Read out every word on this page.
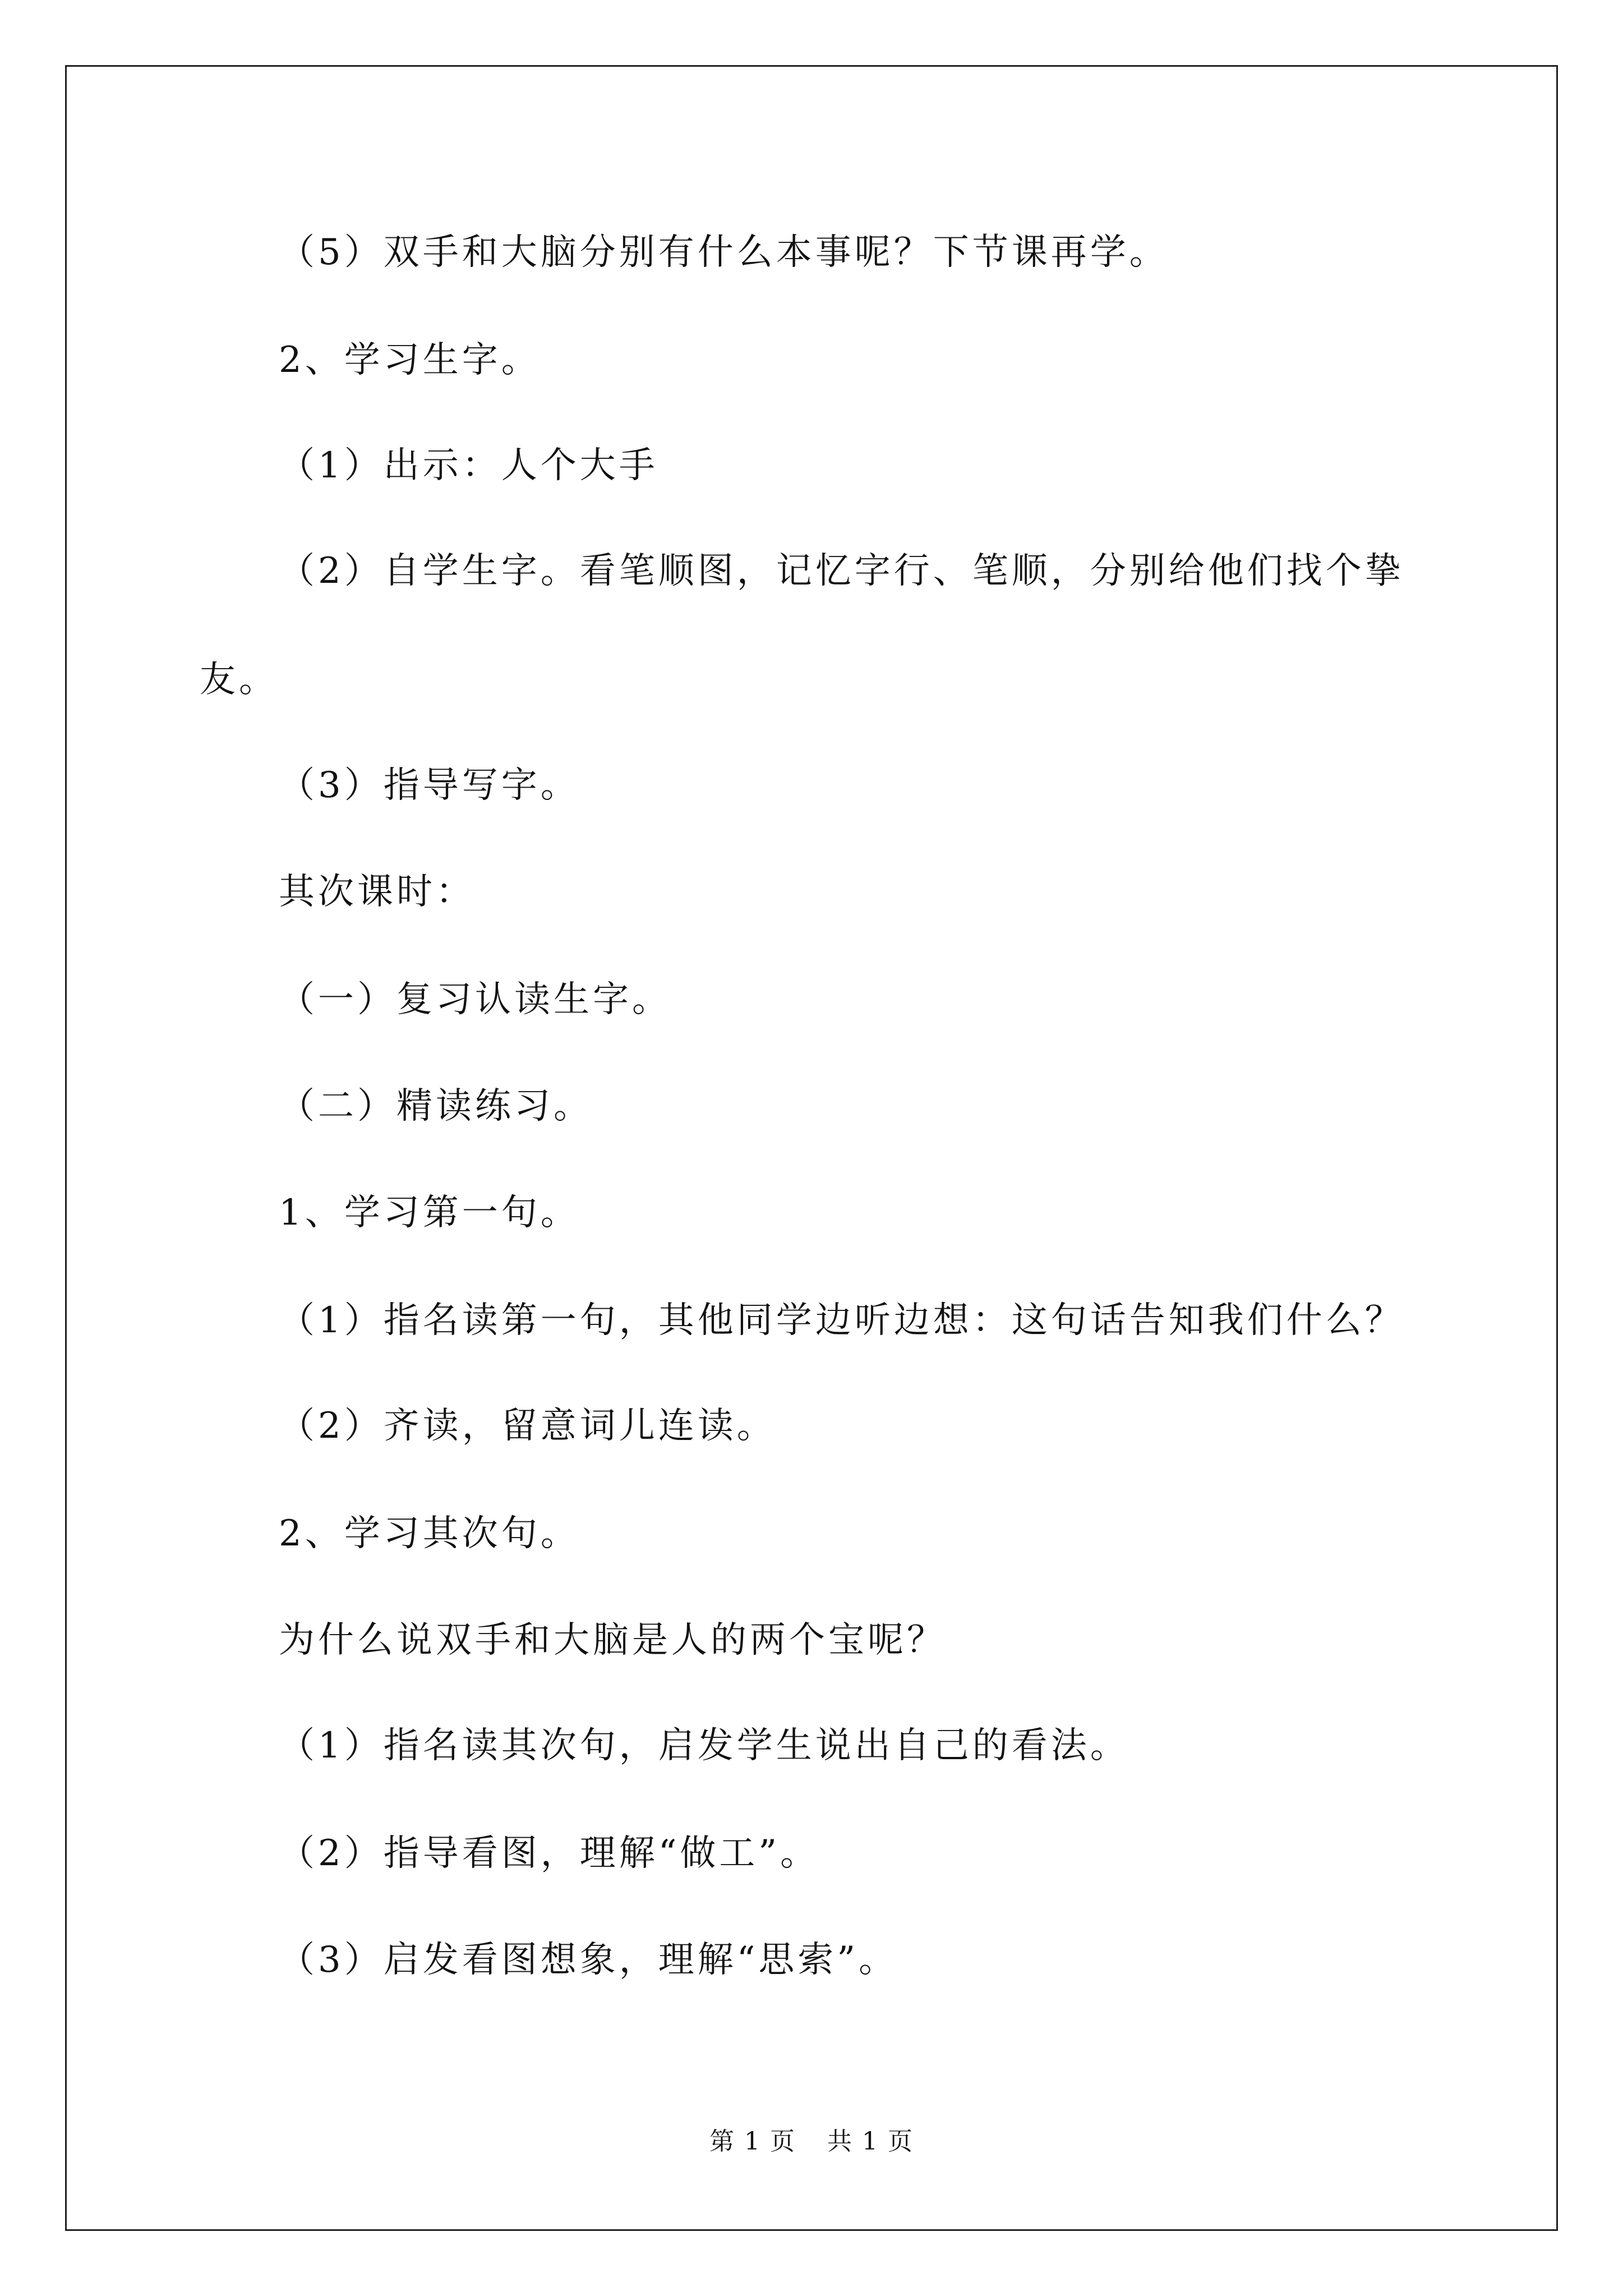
（5）双手和大脑分别有什么本事呢？下节课再学。
2、学习生字。
（1）出示：人个大手
（2）自学生字。看笔顺图，记忆字行、笔顺，分别给他们找个挚
友。
（3）指导写字。
其次课时：
（一）复习认读生字。
（二）精读练习。
1、学习第一句。
（1）指名读第一句，其他同学边听边想：这句话告知我们什么？
（2）齐读，留意词儿连读。
2、学习其次句。
为什么说双手和大脑是人的两个宝呢？
（1）指名读其次句，启发学生说出自己的看法。
（2）指导看图，理解“做工”。
（3）启发看图想象，理解“思索”。
第 1 页 共 1 页
